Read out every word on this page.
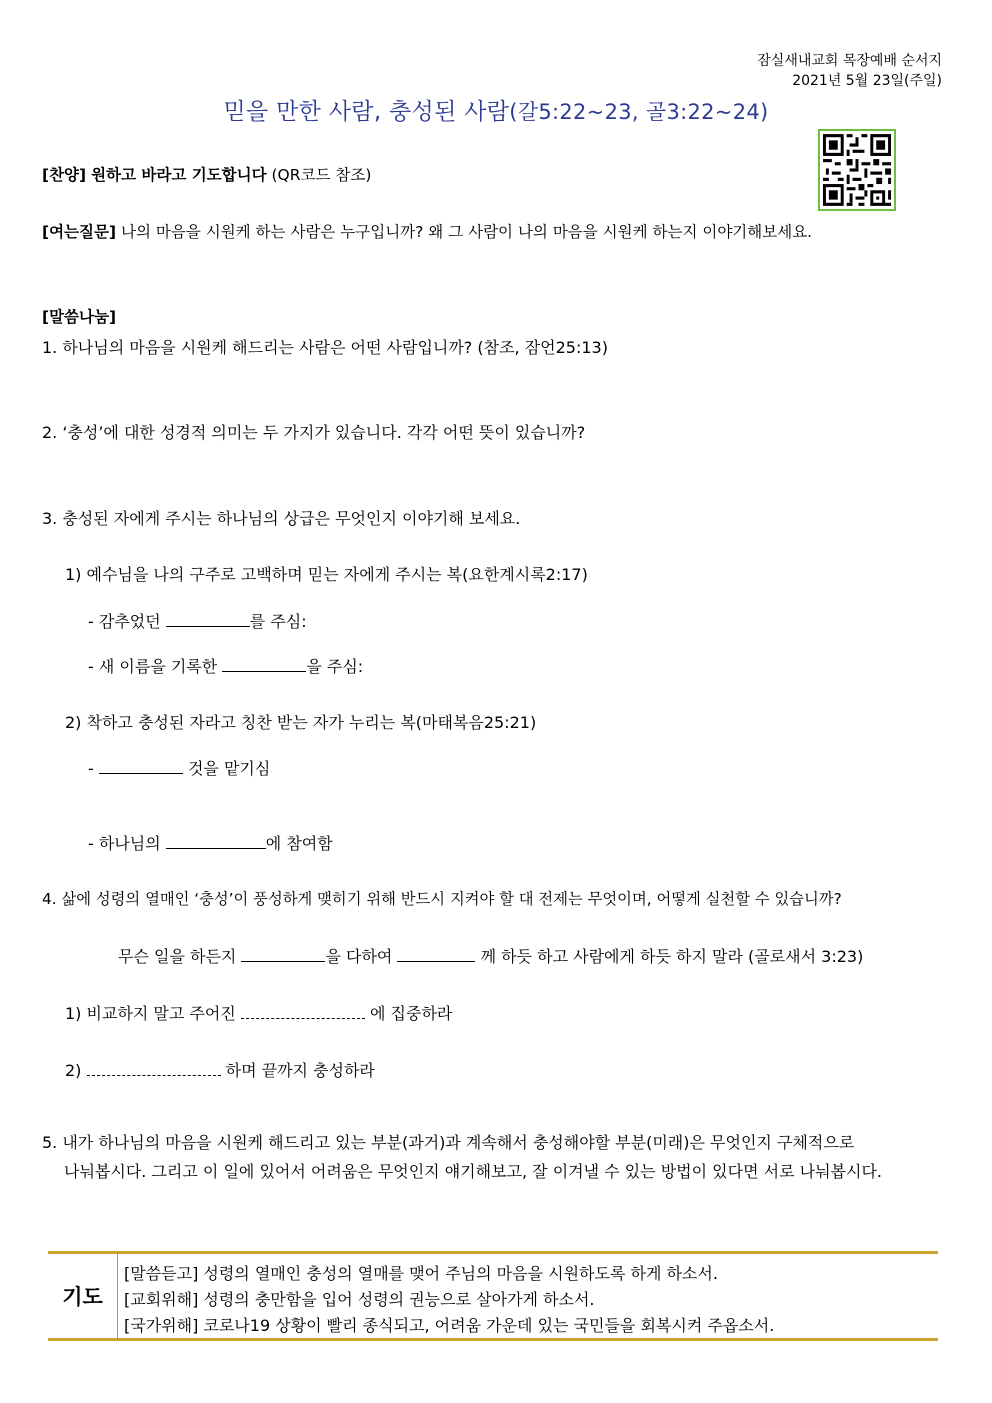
잠실새내교회 목장예배 순서지
2021년 5월 23일(주일)
믿을 만한 사람, 충성된 사람(갈5:22~23, 골3:22~24)
[찬양] 원하고 바라고 기도합니다 (QR코드 참조)
[여는질문] 나의 마음을 시원케 하는 사람은 누구입니까? 왜 그 사람이 나의 마음을 시원케 하는지 이야기해보세요.
[말씀나눔]
1. 하나님의 마음을 시원케 해드리는 사람은 어떤 사람입니까? (참조, 잠언25:13)
2. ‘충성’에 대한 성경적 의미는 두 가지가 있습니다. 각각 어떤 뜻이 있습니까?
3. 충성된 자에게 주시는 하나님의 상급은 무엇인지 이야기해 보세요.
1) 예수님을 나의 구주로 고백하며 믿는 자에게 주시는 복(요한계시록2:17)
- 감추었던	를 주심:
- 새 이름을 기록한	을 주심:
2) 착하고 충성된 자라고 칭찬 받는 자가 누리는 복(마태복음25:21)
-	것을 맡기심
- 하나님의	에 참여함
4. 삶에 성령의 열매인 ‘충성’이 풍성하게 맺히기 위해 반드시 지켜야 할 대 전제는 무엇이며, 어떻게 실천할 수 있습니까?
무슨 일을 하든지	을 다하여	께 하듯 하고 사람에게 하듯 하지 말라 (골로새서 3:23)
1) 비교하지 말고 주어진	에 집중하라
2)	하며 끝까지 충성하라
5. 내가 하나님의 마음을 시원케 해드리고 있는 부분(과거)과 계속해서 충성해야할 부분(미래)은 무엇인지 구체적으로
나눠봅시다. 그리고 이 일에 있어서 어려움은 무엇인지 얘기해보고, 잘 이겨낼 수 있는 방법이 있다면 서로 나눠봅시다.
기도
[말씀듣고] 성령의 열매인 충성의 열매를 맺어 주님의 마음을 시원하도록 하게 하소서.
[교회위해] 성령의 충만함을 입어 성령의 권능으로 살아가게 하소서.
[국가위해] 코로나19 상황이 빨리 종식되고, 어려움 가운데 있는 국민들을 회복시켜 주옵소서.
